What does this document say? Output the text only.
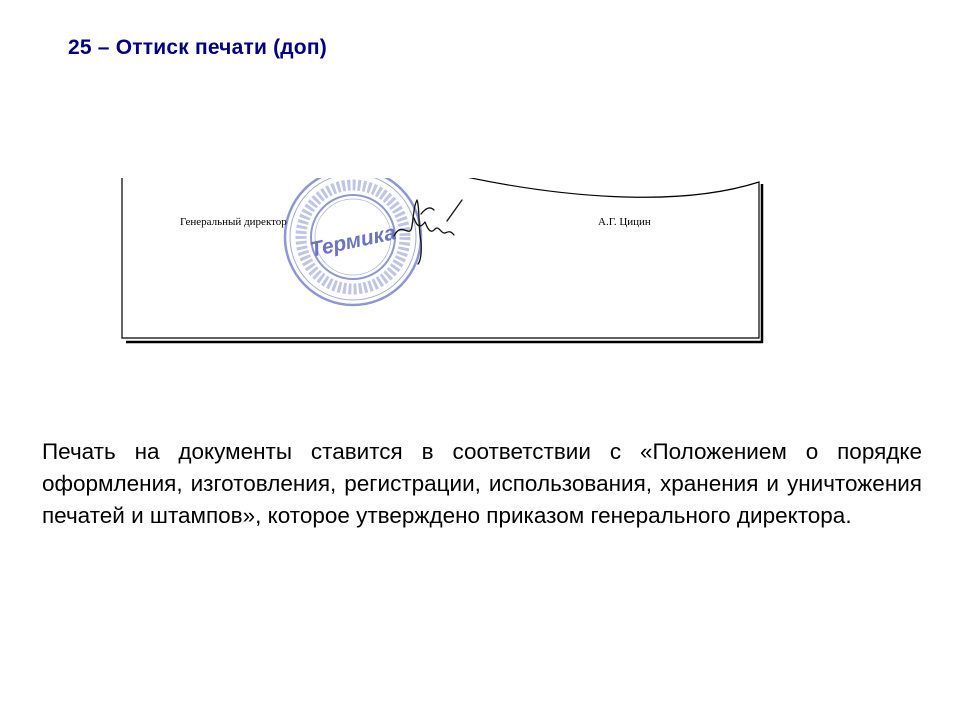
25 – Оттиск печати (доп)
Термика
Генеральный директор	А.Г. Цицин
Печать на документы ставится в соответствии с «Положением о порядке оформления, изготовления, регистрации, использования, хранения и уничтожения печатей и штампов», которое утверждено приказом генерального директора.
